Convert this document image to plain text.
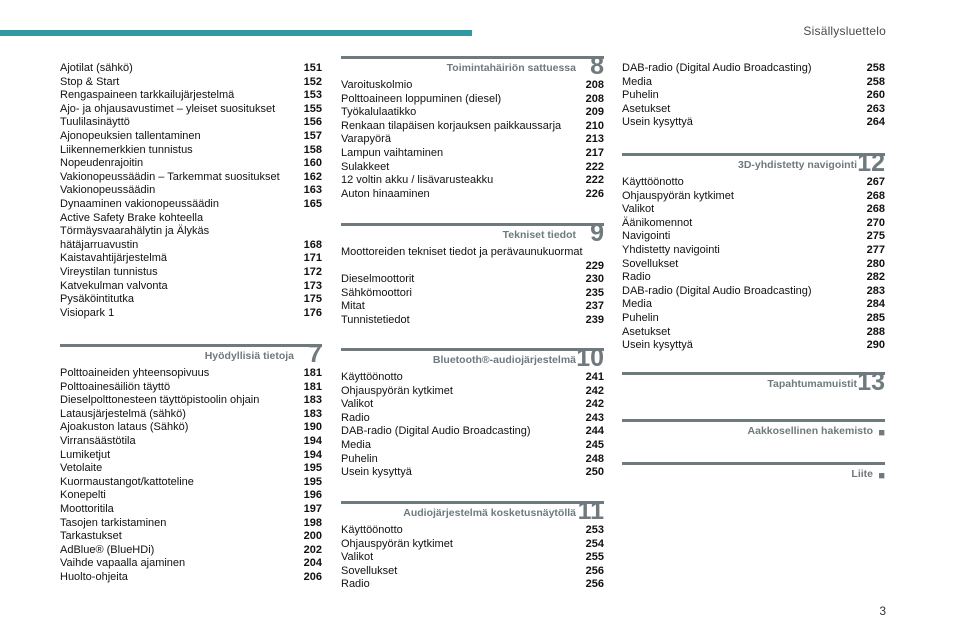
Sisällysluettelo
3
Ajotilat (sähkö)	151
Stop & Start	152
Rengaspaineen tarkkailujärjestelmä	153
Ajo- ja ohjausavustimet – yleiset suositukset	155
Tuulilasinäyttö	156
Ajonopeuksien tallentaminen	157
Liikennemerkkien tunnistus	158
Nopeudenrajoitin	160
Vakionopeussäädin – Tarkemmat suositukset	162
Vakionopeussäädin	163
Dynaaminen vakionopeussäädin	165
Active Safety Brake kohteella
Törmäysvaarahälytin ja Älykäs
hätäjarruavustin	168
Kaistavahtijärjestelmä	171
Vireystilan tunnistus	172
Katvekulman valvonta	173
Pysäköintitutka	175
Visiopark 1	176
Hyödyllisiä tietoja 7
Polttoaineiden yhteensopivuus	181
Polttoainesäiliön täyttö	181
Dieselpolttonesteen täyttöpistoolin ohjain	183
Latausjärjestelmä (sähkö)	183
Ajoakuston lataus (Sähkö)	190
Virransäästötila	194
Lumiketjut	194
Vetolaite	195
Kuormaustangot/kattoteline	195
Konepelti	196
Moottoritila	197
Tasojen tarkistaminen	198
Tarkastukset	200
AdBlue® (BlueHDi)	202
Vaihde vapaalla ajaminen	204
Huolto-ohjeita	206
Toimintahäiriön sattuessa 8
Varoituskolmio	208
Polttoaineen loppuminen (diesel)	208
Työkalulaatikko	209
Renkaan tilapäisen korjauksen paikkaussarja	210
Varapyörä	213
Lampun vaihtaminen	217
Sulakkeet	222
12 voltin akku / lisävarusteakku	222
Auton hinaaminen	226
Tekniset tiedot 9
Moottoreiden tekniset tiedot ja perävaunukuormat
229
Dieselmoottorit	230
Sähkömoottori	235
Mitat	237
Tunnistetiedot	239
Bluetooth®-audiojärjestelmä 10
Käyttöönotto	241
Ohjauspyörän kytkimet	242
Valikot	242
Radio	243
DAB-radio (Digital Audio Broadcasting)	244
Media	245
Puhelin	248
Usein kysyttyä	250
Audiojärjestelmä kosketusnäytöllä 11
Käyttöönotto	253
Ohjauspyörän kytkimet	254
Valikot	255
Sovellukset	256
Radio	256
DAB-radio (Digital Audio Broadcasting)	258
Media	258
Puhelin	260
Asetukset	263
Usein kysyttyä	264
3D-yhdistetty navigointi 12
Käyttöönotto	267
Ohjauspyörän kytkimet	268
Valikot	268
Äänikomennot	270
Navigointi	275
Yhdistetty navigointi	277
Sovellukset	280
Radio	282
DAB-radio (Digital Audio Broadcasting)	283
Media	284
Puhelin	285
Asetukset	288
Usein kysyttyä	290
Tapahtumamuistit 13
Aakkosellinen hakemisto ■
Liite ■
